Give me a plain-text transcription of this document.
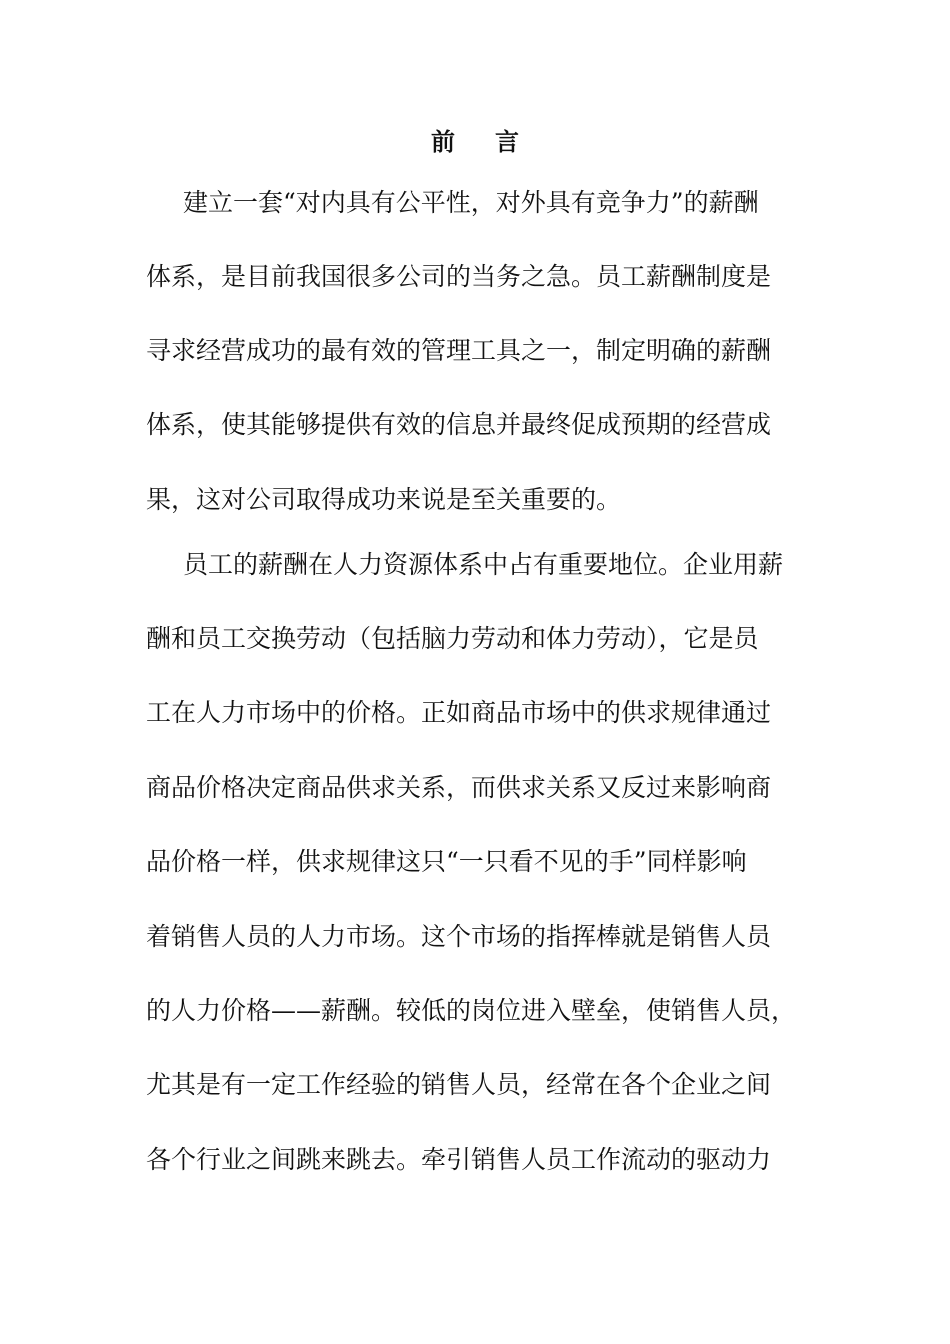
前 言

建立一套“对内具有公平性，对外具有竞争力”的薪酬

体系，是目前我国很多公司的当务之急。员工薪酬制度是

寻求经营成功的最有效的管理工具之一，制定明确的薪酬

体系，使其能够提供有效的信息并最终促成预期的经营成

果，这对公司取得成功来说是至关重要的。

员工的薪酬在人力资源体系中占有重要地位。企业用薪

酬和员工交换劳动（包括脑力劳动和体力劳动），它是员

工在人力市场中的价格。正如商品市场中的供求规律通过

商品价格决定商品供求关系，而供求关系又反过来影响商

品价格一样，供求规律这只“一只看不见的手”同样影响

着销售人员的人力市场。这个市场的指挥棒就是销售人员

的人力价格——薪酬。较低的岗位进入壁垒，使销售人员，

尤其是有一定工作经验的销售人员，经常在各个企业之间

各个行业之间跳来跳去。牵引销售人员工作流动的驱动力
